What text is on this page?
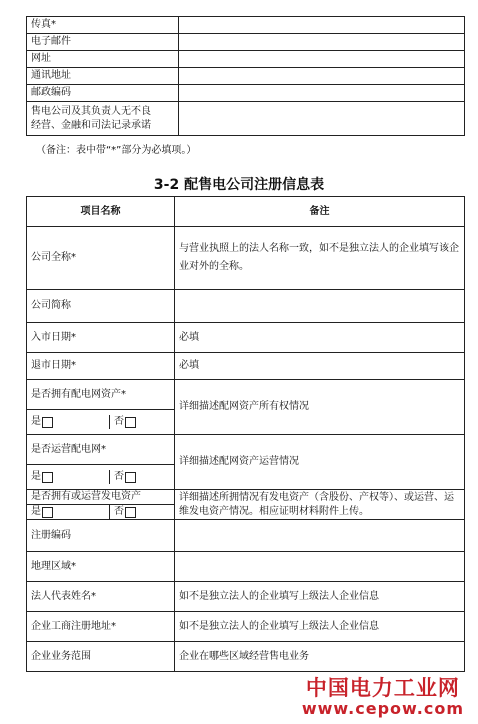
传真*	
电子邮件	
网址	
通讯地址	
邮政编码	
售电公司及其负责人无不良
经营、金融和司法记录承诺	
（备注：表中带“*”部分为必填项。）
3-2 配售电公司注册信息表
项目名称	备注
公司全称*	与营业执照上的法人名称一致，如不是独立法人的企业填写该企业对外的全称。
公司简称	
入市日期*	必填
退市日期*	必填
是否拥有配电网资产*	详细描述配网资产所有权情况

是 否	

是否运营配电网*	详细描述配网资产运营情况

是 否	

是否拥有或运营发电资产	详细描述所拥情况有发电资产（含股份、产权等）、或运营、运维发电资产情况。相应证明材料附件上传。

是 否	

注册编码	
地理区域*	
法人代表姓名*	如不是独立法人的企业填写上级法人企业信息
企业工商注册地址*	如不是独立法人的企业填写上级法人企业信息
企业业务范围	企业在哪些区域经营售电业务
中国电力工业网
www.cepow.com
